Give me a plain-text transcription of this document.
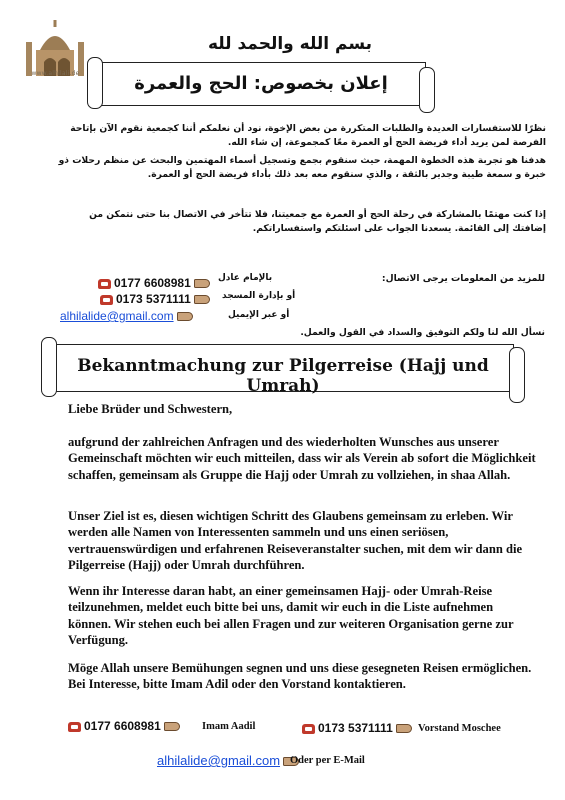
www.alhilali.de
بسم الله والحمد لله
إعلان بخصوص: الحج والعمرة
نظرًا للاستفسارات العديدة والطلبات المتكررة من بعض الإخوة، نود أن نعلمكم أننا كجمعية نقوم الآن بإتاحة الفرصة لمن يريد أداء فريضة الحج أو العمرة معًا كمجموعة، إن شاء الله.
هدفنا هو تجربة هذه الخطوة المهمة، حيث سنقوم بجمع وتسجيل أسماء المهتمين والبحث عن منظم رحلات ذو خبرة و سمعة طيبة وجدير بالثقة ، والذي سنقوم معه بعد ذلك بأداء فريضة الحج أو العمرة.
إذا كنت مهتمًا بالمشاركة في رحلة الحج أو العمرة مع جمعيتنا، فلا تتأخر في الاتصال بنا حتى نتمكن من إضافتك إلى القائمة. يسعدنا الجواب على اسئلتكم واستفساراتكم.
للمزيد من المعلومات يرجى الاتصال:
0177 6608981	بالإمام عادل
0173 5371111	أو بإدارة المسجد
alhilalide@gmail.com	أو عبر الإيميل
نسأل الله لنا ولكم التوفيق والسداد في القول والعمل.
Bekanntmachung zur Pilgerreise (Hajj und Umrah)
Liebe Brüder und Schwestern,
aufgrund der zahlreichen Anfragen und des wiederholten Wunsches aus unserer Gemeinschaft möchten wir euch mitteilen, dass wir als Verein ab sofort die Möglichkeit schaffen, gemeinsam als Gruppe die Hajj oder Umrah zu vollziehen, in shaa Allah.
Unser Ziel ist es, diesen wichtigen Schritt des Glaubens gemeinsam zu erleben. Wir werden alle Namen von Interessenten sammeln und uns einen seriösen, vertrauenswürdigen und erfahrenen Reiseveranstalter suchen, mit dem wir dann die Pilgerreise (Hajj) oder Umrah durchführen.
Wenn ihr Interesse daran habt, an einer gemeinsamen Hajj- oder Umrah-Reise teilzunehmen, meldet euch bitte bei uns, damit wir euch in die Liste aufnehmen können. Wir stehen euch bei allen Fragen und zur weiteren Organisation gerne zur Verfügung.
Möge Allah unsere Bemühungen segnen und uns diese gesegneten Reisen ermöglichen.
Bei Interesse, bitte Imam Adil oder den Vorstand kontaktieren.
0177 6608981	Imam Aadil	0173 5371111	Vorstand Moschee
alhilalide@gmail.com Oder per E-Mail
